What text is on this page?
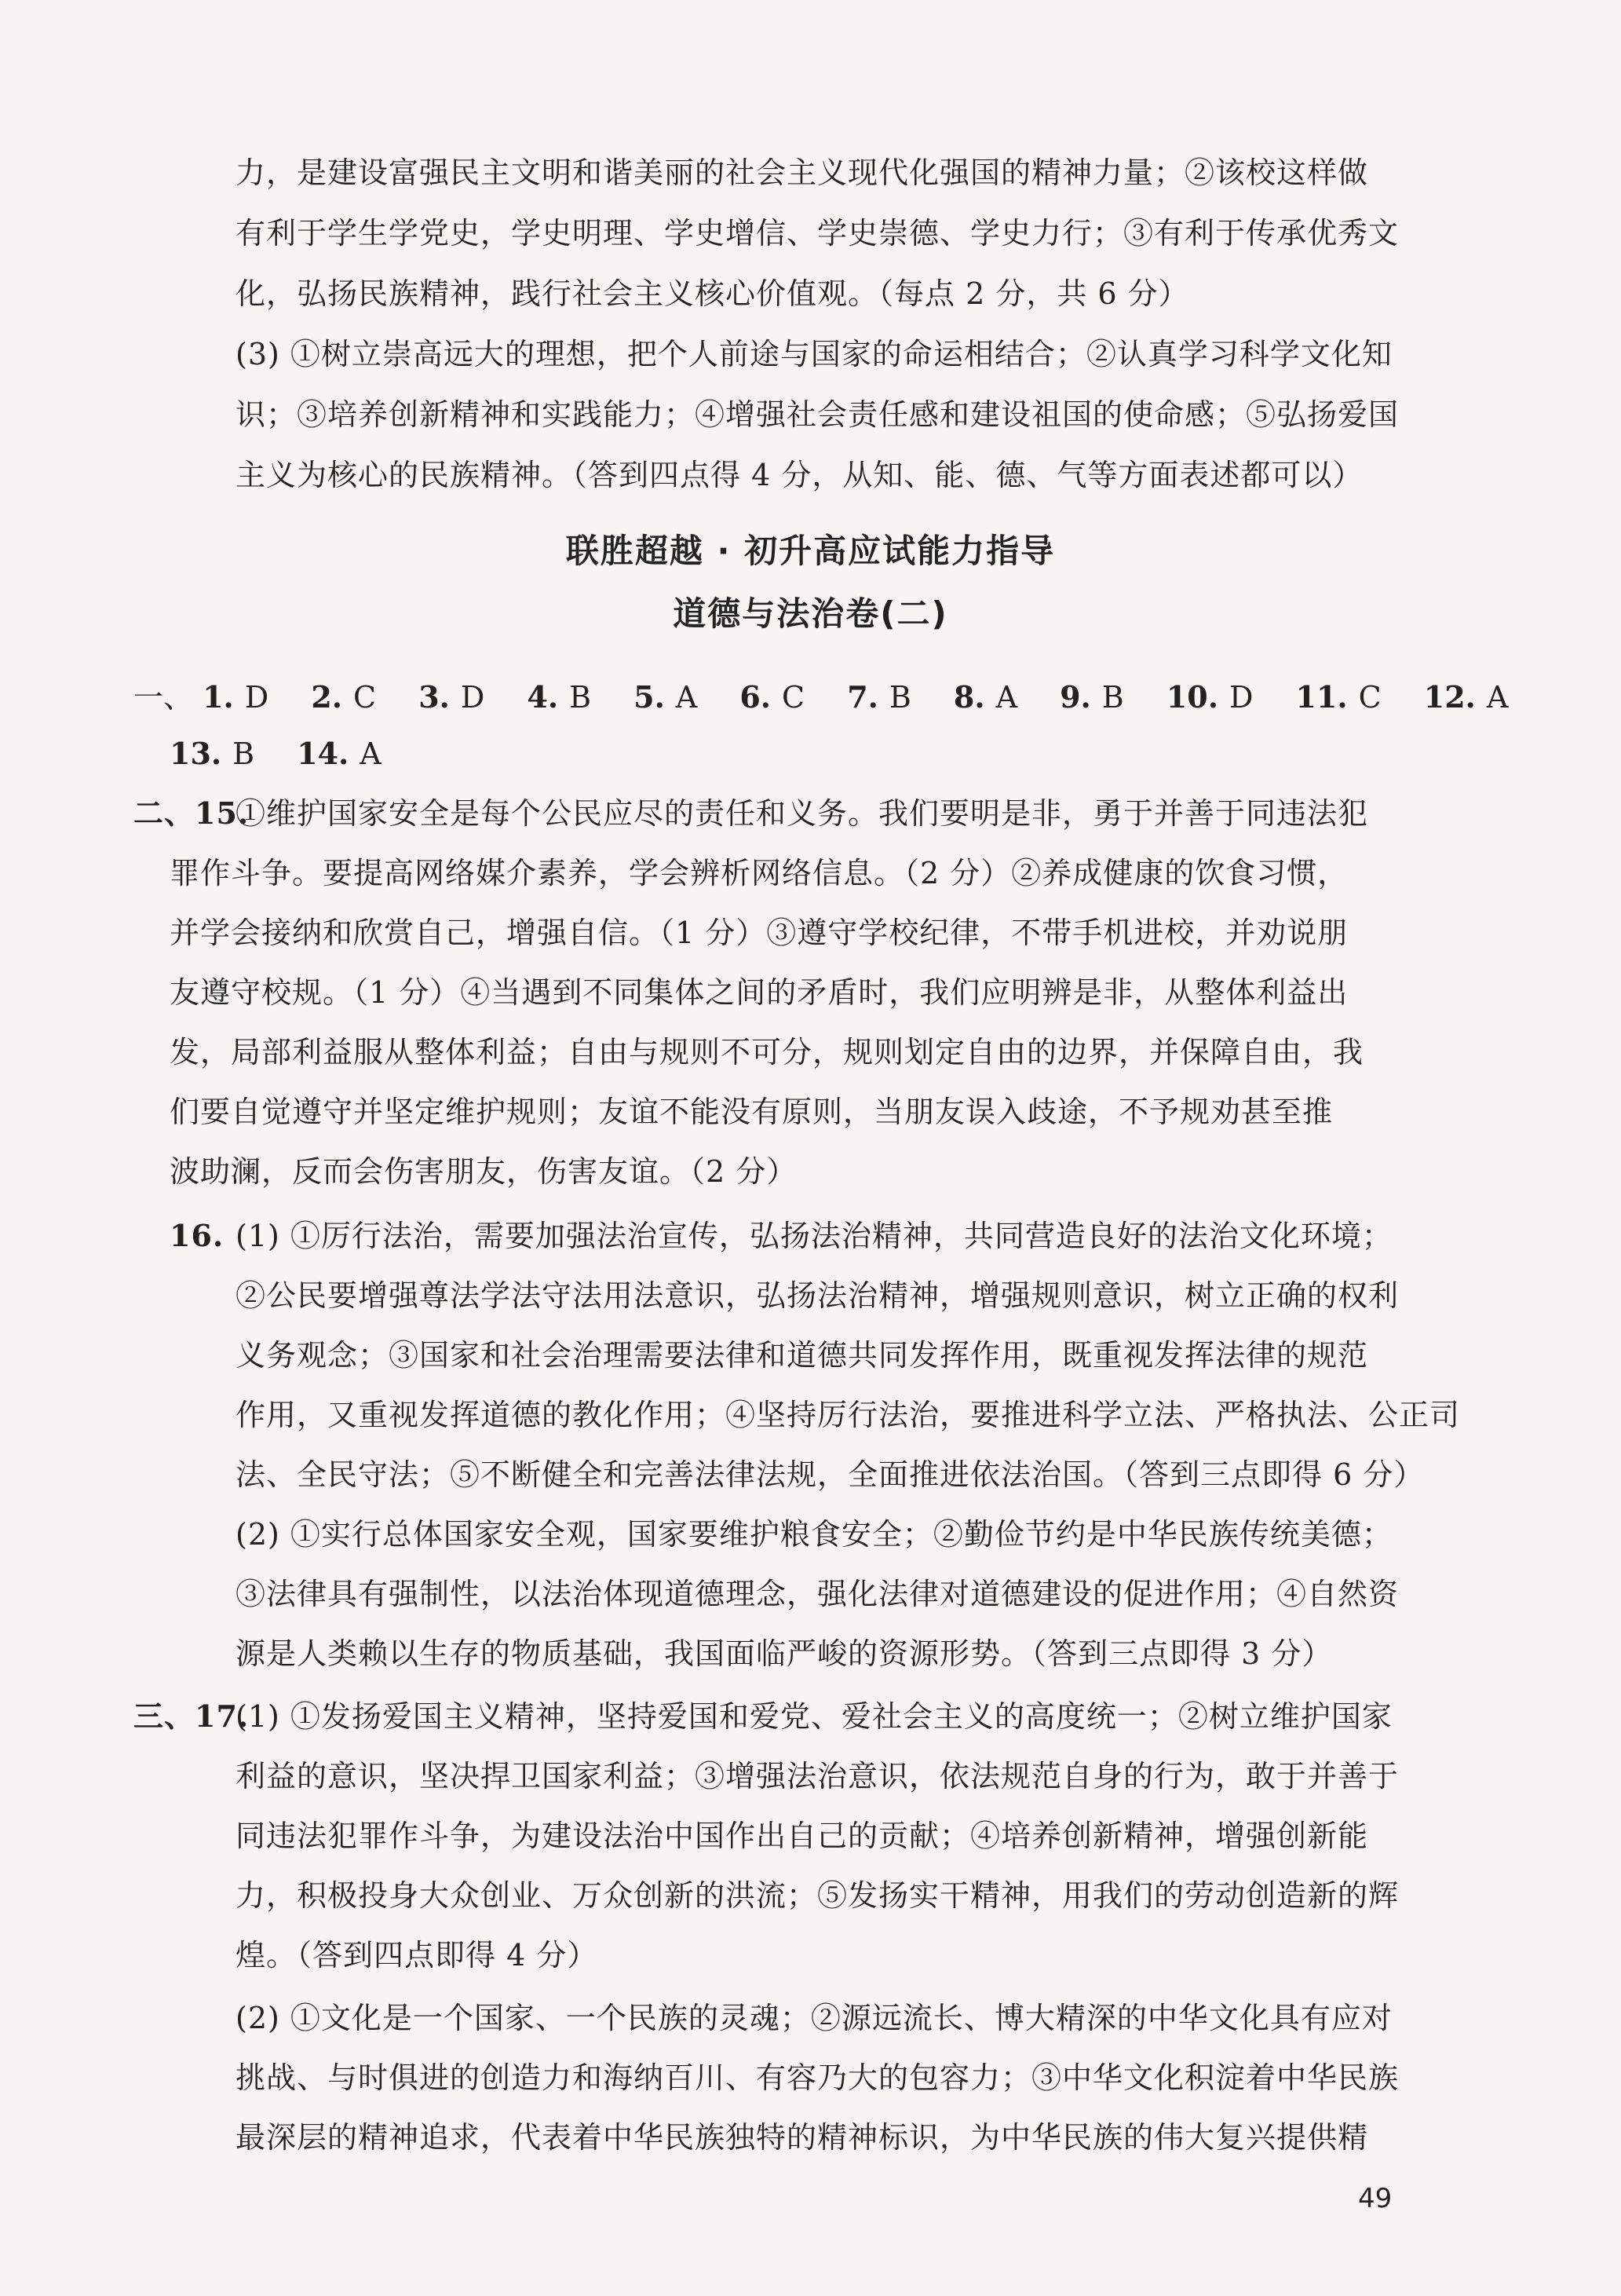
力，是建设富强民主文明和谐美丽的社会主义现代化强国的精神力量；②该校这样做
有利于学生学党史，学史明理、学史增信、学史崇德、学史力行；③有利于传承优秀文
化，弘扬民族精神，践行社会主义核心价值观。（每点 2 分，共 6 分）
(3) ①树立崇高远大的理想，把个人前途与国家的命运相结合；②认真学习科学文化知
识；③培养创新精神和实践能力；④增强社会责任感和建设祖国的使命感；⑤弘扬爱国
主义为核心的民族精神。（答到四点得 4 分，从知、能、德、气等方面表述都可以）
联胜超越 · 初升高应试能力指导
道德与法治卷(二)
一、 1. D 2. C 3. D 4. B 5. A 6. C 7. B 8. A 9. B 10. D 11. C 12. A
13. B 14. A
二、15.
①维护国家安全是每个公民应尽的责任和义务。我们要明是非，勇于并善于同违法犯
罪作斗争。要提高网络媒介素养，学会辨析网络信息。（2 分）②养成健康的饮食习惯，
并学会接纳和欣赏自己，增强自信。（1 分）③遵守学校纪律，不带手机进校，并劝说朋
友遵守校规。（1 分）④当遇到不同集体之间的矛盾时，我们应明辨是非，从整体利益出
发，局部利益服从整体利益；自由与规则不可分，规则划定自由的边界，并保障自由，我
们要自觉遵守并坚定维护规则；友谊不能没有原则，当朋友误入歧途，不予规劝甚至推
波助澜，反而会伤害朋友，伤害友谊。（2 分）
16. (1) ①厉行法治，需要加强法治宣传，弘扬法治精神，共同营造良好的法治文化环境；
②公民要增强尊法学法守法用法意识，弘扬法治精神，增强规则意识，树立正确的权利
义务观念；③国家和社会治理需要法律和道德共同发挥作用，既重视发挥法律的规范
作用，又重视发挥道德的教化作用；④坚持厉行法治，要推进科学立法、严格执法、公正司
法、全民守法；⑤不断健全和完善法律法规，全面推进依法治国。（答到三点即得 6 分）
(2) ①实行总体国家安全观，国家要维护粮食安全；②勤俭节约是中华民族传统美德；
③法律具有强制性，以法治体现道德理念，强化法律对道德建设的促进作用；④自然资
源是人类赖以生存的物质基础，我国面临严峻的资源形势。（答到三点即得 3 分）
三、17.
(1) ①发扬爱国主义精神，坚持爱国和爱党、爱社会主义的高度统一；②树立维护国家
利益的意识，坚决捍卫国家利益；③增强法治意识，依法规范自身的行为，敢于并善于
同违法犯罪作斗争，为建设法治中国作出自己的贡献；④培养创新精神，增强创新能
力，积极投身大众创业、万众创新的洪流；⑤发扬实干精神，用我们的劳动创造新的辉
煌。（答到四点即得 4 分）
(2) ①文化是一个国家、一个民族的灵魂；②源远流长、博大精深的中华文化具有应对
挑战、与时俱进的创造力和海纳百川、有容乃大的包容力；③中华文化积淀着中华民族
最深层的精神追求，代表着中华民族独特的精神标识，为中华民族的伟大复兴提供精
49
